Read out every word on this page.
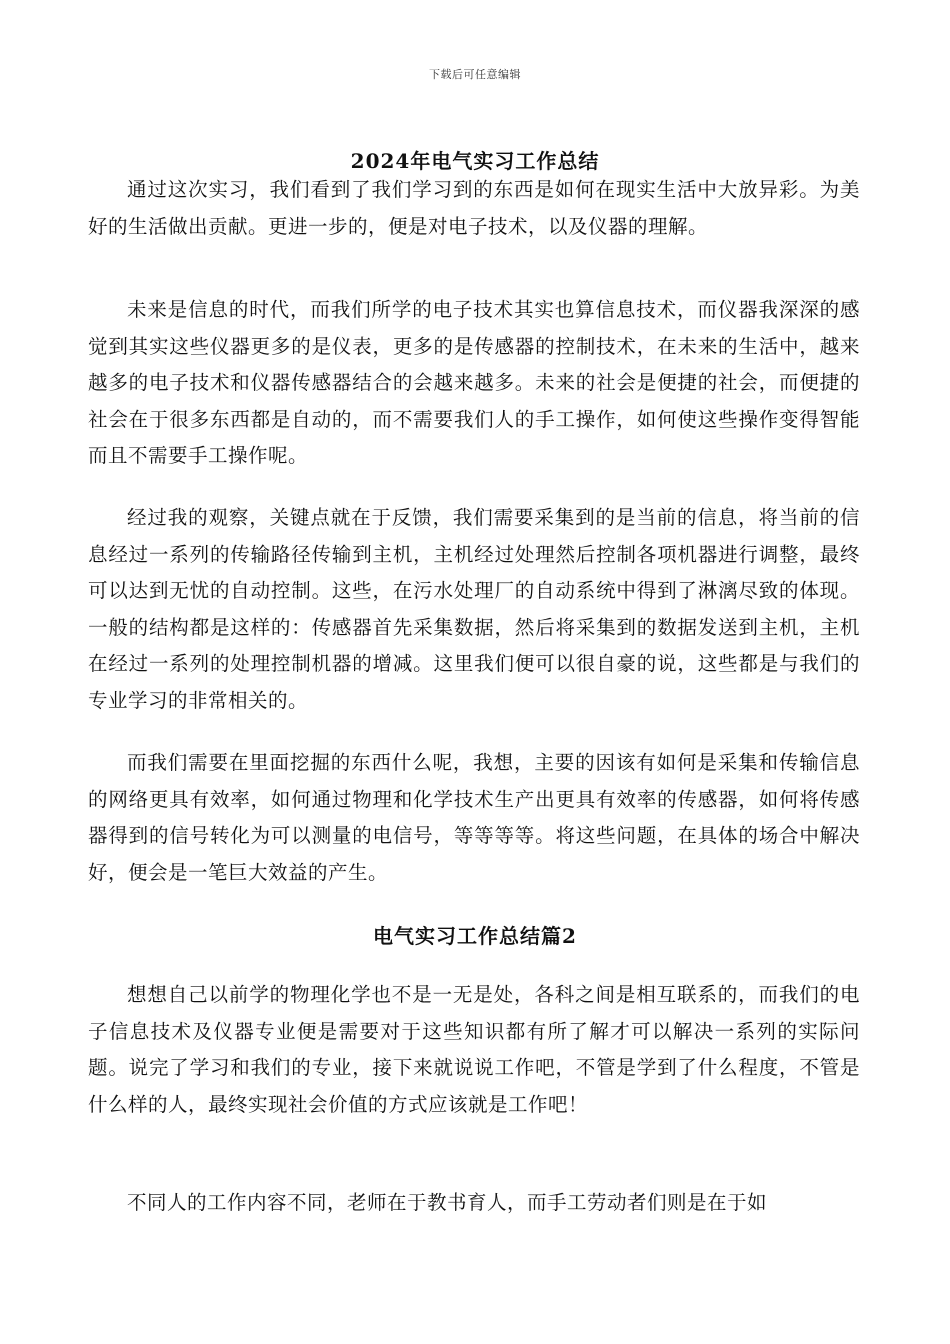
下载后可任意编辑
2024年电气实习工作总结

通过这次实习，我们看到了我们学习到的东西是如何在现实生活中大放异彩。为美好的生活做出贡献。更进一步的，便是对电子技术，以及仪器的理解。

未来是信息的时代，而我们所学的电子技术其实也算信息技术，而仪器我深深的感觉到其实这些仪器更多的是仪表，更多的是传感器的控制技术，在未来的生活中，越来越多的电子技术和仪器传感器结合的会越来越多。未来的社会是便捷的社会，而便捷的社会在于很多东西都是自动的，而不需要我们人的手工操作，如何使这些操作变得智能而且不需要手工操作呢。

经过我的观察，关键点就在于反馈，我们需要采集到的是当前的信息，将当前的信息经过一系列的传输路径传输到主机，主机经过处理然后控制各项机器进行调整，最终可以达到无忧的自动控制。这些，在污水处理厂的自动系统中得到了淋漓尽致的体现。一般的结构都是这样的：传感器首先采集数据，然后将采集到的数据发送到主机，主机在经过一系列的处理控制机器的增减。这里我们便可以很自豪的说，这些都是与我们的专业学习的非常相关的。

而我们需要在里面挖掘的东西什么呢，我想，主要的因该有如何是采集和传输信息的网络更具有效率，如何通过物理和化学技术生产出更具有效率的传感器，如何将传感器得到的信号转化为可以测量的电信号，等等等等。将这些问题，在具体的场合中解决好，便会是一笔巨大效益的产生。

电气实习工作总结篇2

想想自己以前学的物理化学也不是一无是处，各科之间是相互联系的，而我们的电子信息技术及仪器专业便是需要对于这些知识都有所了解才可以解决一系列的实际问题。说完了学习和我们的专业，接下来就说说工作吧，不管是学到了什么程度，不管是什么样的人，最终实现社会价值的方式应该就是工作吧！

不同人的工作内容不同，老师在于教书育人，而手工劳动者们则是在于如
